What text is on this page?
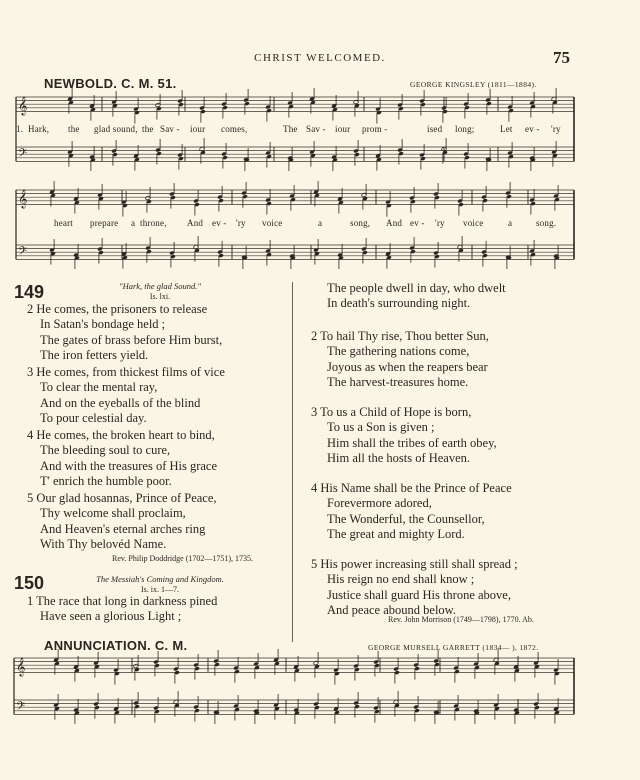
CHRIST WELCOMED.	75
NEWBOLD. C. M. 51.	GEORGE KINGSLEY (1811—1884).
𝄞
𝄢
𝄞
𝄢
𝄞
𝄢
1. Hark, the glad sound, the Sav - iour comes,	The Sav - iour prom -	ised long;	Let ev - 'ry
heart prepare a throne, And ev - 'ry voice	a	song, And ev - 'ry voice	a	song.
149	"Hark, the glad Sound."
Is. lxi.
2 He comes, the prisoners to release
In Satan's bondage held ;
The gates of brass before Him burst,
The iron fetters yield.
3 He comes, from thickest films of vice
To clear the mental ray,
And on the eyeballs of the blind
To pour celestial day.
4 He comes, the broken heart to bind,
The bleeding soul to cure,
And with the treasures of His grace
T' enrich the humble poor.
5 Our glad hosannas, Prince of Peace,
Thy welcome shall proclaim,
And Heaven's eternal arches ring
With Thy belovéd Name.
Rev. Philip Doddridge (1702—1751), 1735.
150	The Messiah's Coming and Kingdom.
Is. ix. 1—7.
1 The race that long in darkness pined
Have seen a glorious Light ;
The people dwell in day, who dwelt
In death's surrounding night.
2 To hail Thy rise, Thou better Sun,
The gathering nations come,
Joyous as when the reapers bear
The harvest-treasures home.
3 To us a Child of Hope is born,
To us a Son is given ;
Him shall the tribes of earth obey,
Him all the hosts of Heaven.
4 His Name shall be the Prince of Peace
Forevermore adored,
The Wonderful, the Counsellor,
The great and mighty Lord.
5 His power increasing still shall spread ;
His reign no end shall know ;
Justice shall guard His throne above,
And peace abound below.
Rev. John Morrison (1749—1798), 1770. Ab.
ANNUNCIATION. C. M.	GEORGE MURSELL GARRETT (1834— ), 1872.
